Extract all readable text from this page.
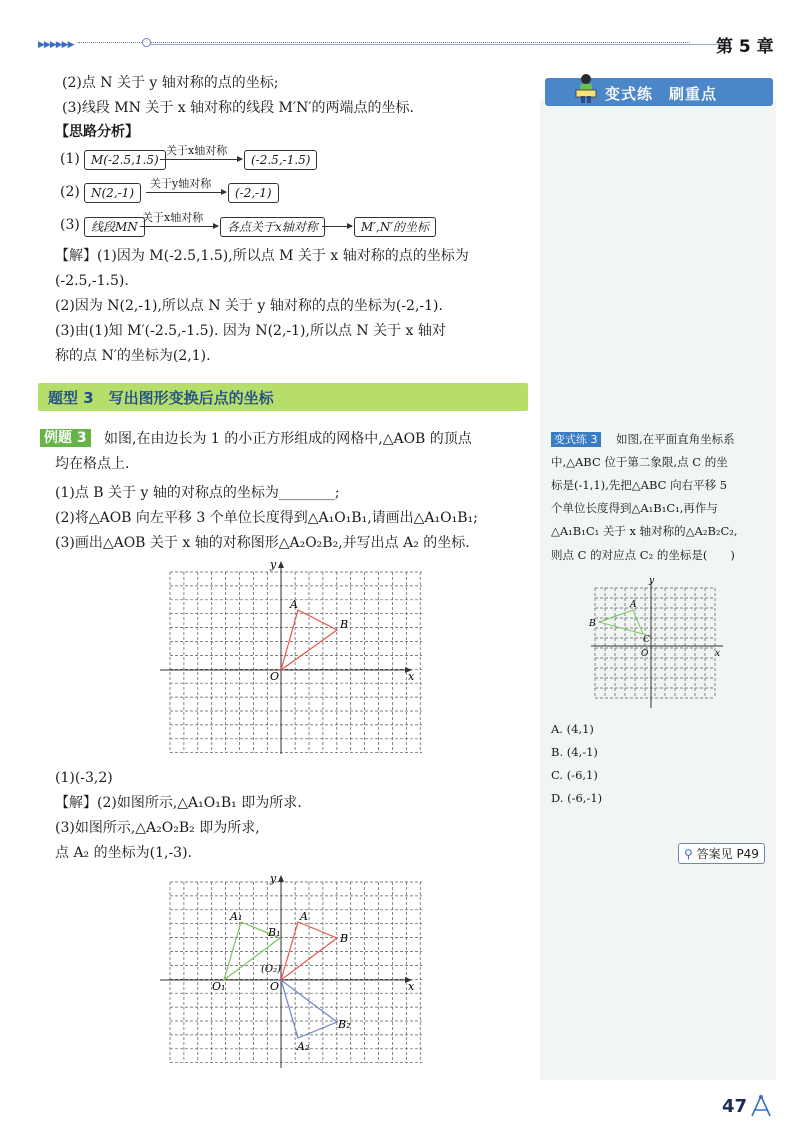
▶▶▶▶▶▶	第 5 章
变式练　刷重点
(2)点 N 关于 y 轴对称的点的坐标;
(3)线段 MN 关于 x 轴对称的线段 M′N′的两端点的坐标.
【思路分析】
(1) M(-2.5,1.5)
关于x轴对称
(-2.5,-1.5)
(2) N(2,-1)
关于y轴对称
(-2,-1)
(3) 线段MN
关于x轴对称
各点关于x轴对称	M′,N′的坐标
【解】(1)因为 M(-2.5,1.5),所以点 M 关于 x 轴对称的点的坐标为
(-2.5,-1.5).
(2)因为 N(2,-1),所以点 N 关于 y 轴对称的点的坐标为(-2,-1).
(3)由(1)知 M′(-2.5,-1.5). 因为 N(2,-1),所以点 N 关于 x 轴对
称的点 N′的坐标为(2,1).
题型 3　写出图形变换后点的坐标
例题 3 如图,在由边长为 1 的小正方形组成的网格中,△AOB 的顶点
均在格点上.
(1)点 B 关于 y 轴的对称点的坐标为________;
(2)将△AOB 向左平移 3 个单位长度得到△A₁O₁B₁,请画出△A₁O₁B₁;
(3)画出△AOB 关于 x 轴的对称图形△A₂O₂B₂,并写出点 A₂ 的坐标.
x
y
O
A
B
(1)(-3,2)
【解】(2)如图所示,△A₁O₁B₁ 即为所求.
(3)如图所示,△A₂O₂B₂ 即为所求,
点 A₂ 的坐标为(1,-3).
x
y
O
A
B
A₁
B₁
O₁
(O₂)
A₂
B₂
变式练 3 如图,在平面直角坐标系
中,△ABC 位于第二象限,点 C 的坐
标是(-1,1),先把△ABC 向右平移 5
个单位长度得到△A₁B₁C₁,再作与
△A₁B₁C₁ 关于 x 轴对称的△A₂B₂C₂,
则点 C 的对应点 C₂ 的坐标是(　　)
y
x
O
A
B
C
A. (4,1)
B. (4,-1)
C. (-6,1)
D. (-6,-1)
⚲ 答案见 P49
47
